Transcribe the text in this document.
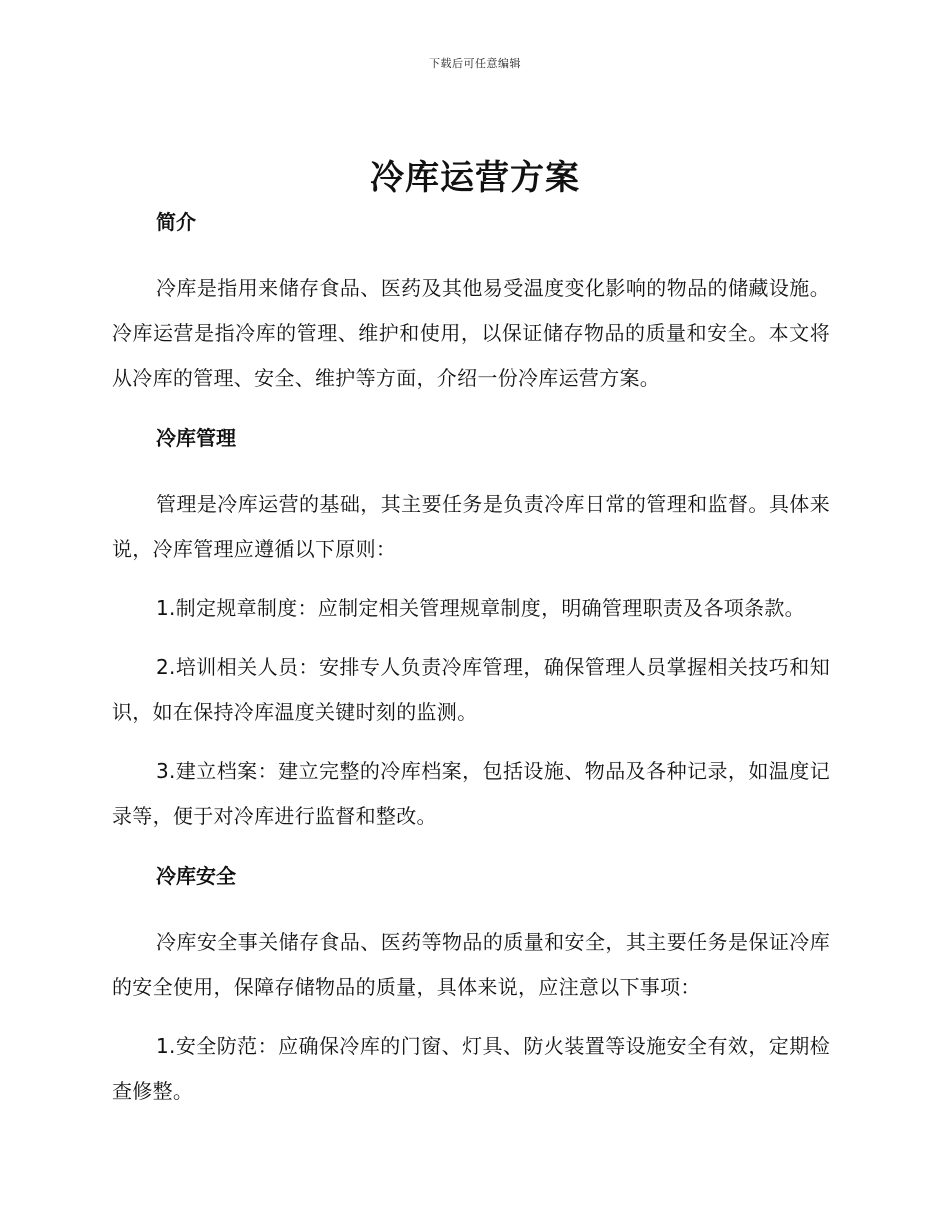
下载后可任意编辑
冷库运营方案
简介

冷库是指用来储存食品、医药及其他易受温度变化影响的物品的储藏设施。冷库运营是指冷库的管理、维护和使用，以保证储存物品的质量和安全。本文将从冷库的管理、安全、维护等方面，介绍一份冷库运营方案。

冷库管理

管理是冷库运营的基础，其主要任务是负责冷库日常的管理和监督。具体来说，冷库管理应遵循以下原则：

1.制定规章制度：应制定相关管理规章制度，明确管理职责及各项条款。

2.培训相关人员：安排专人负责冷库管理，确保管理人员掌握相关技巧和知识，如在保持冷库温度关键时刻的监测。

3.建立档案：建立完整的冷库档案，包括设施、物品及各种记录，如温度记录等，便于对冷库进行监督和整改。

冷库安全

冷库安全事关储存食品、医药等物品的质量和安全，其主要任务是保证冷库的安全使用，保障存储物品的质量，具体来说，应注意以下事项：

1.安全防范：应确保冷库的门窗、灯具、防火装置等设施安全有效，定期检查修整。
